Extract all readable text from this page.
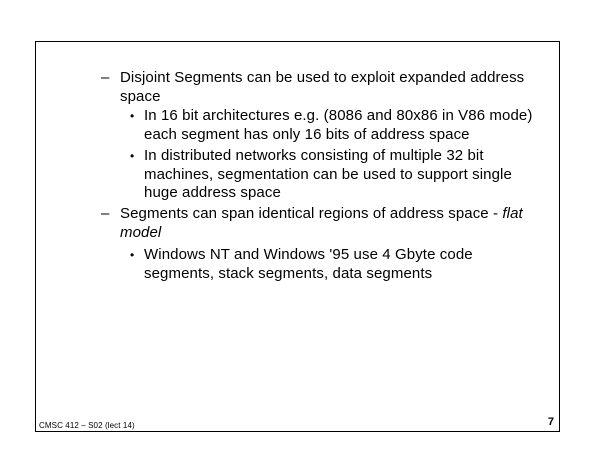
– Disjoint Segments can be used to exploit expanded address space
• In 16 bit architectures e.g. (8086 and 80x86 in V86 mode) each segment has only 16 bits of address space
• In distributed networks consisting of multiple 32 bit machines, segmentation can be used to support single huge address space
– Segments can span identical regions of address space - flat model
• Windows NT and Windows '95 use 4 Gbyte code segments, stack segments, data segments
CMSC 412 – S02 (lect 14)	7
